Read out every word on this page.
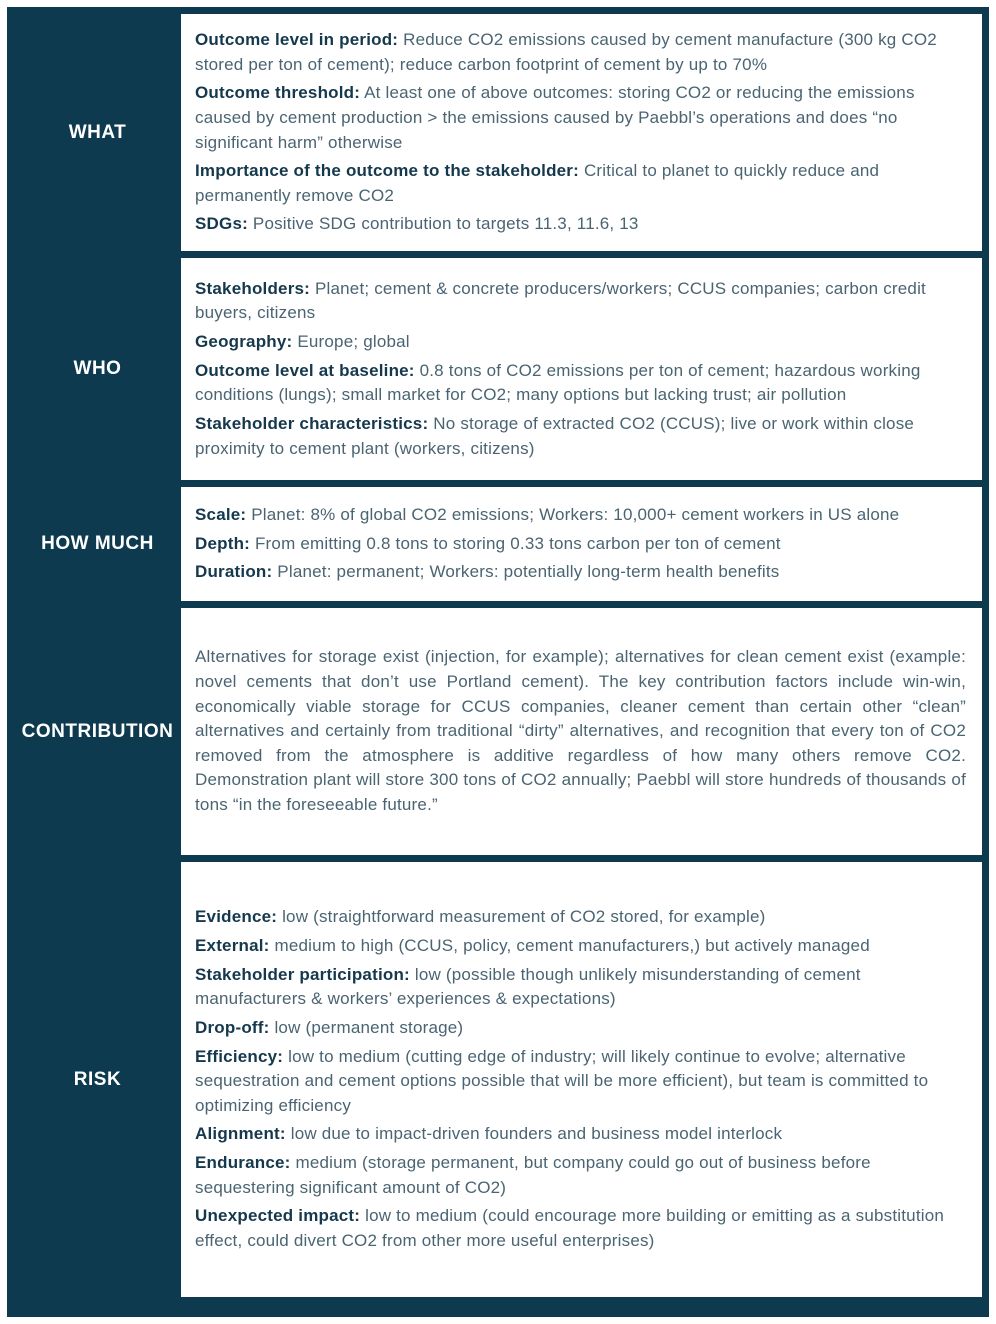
WHAT

Outcome level in period: Reduce CO2 emissions caused by cement manufacture (300 kg CO2 stored per ton of cement); reduce carbon footprint of cement by up to 70%

Outcome threshold: At least one of above outcomes: storing CO2 or reducing the emissions caused by cement production > the emissions caused by Paebbl’s operations and does “no significant harm” otherwise

Importance of the outcome to the stakeholder: Critical to planet to quickly reduce and permanently remove CO2

SDGs: Positive SDG contribution to targets 11.3, 11.6, 13

WHO

Stakeholders: Planet; cement & concrete producers/workers; CCUS companies; carbon credit buyers, citizens

Geography: Europe; global

Outcome level at baseline: 0.8 tons of CO2 emissions per ton of cement; hazardous working conditions (lungs); small market for CO2; many options but lacking trust; air pollution

Stakeholder characteristics: No storage of extracted CO2 (CCUS); live or work within close proximity to cement plant (workers, citizens)

HOW MUCH

Scale: Planet: 8% of global CO2 emissions; Workers: 10,000+ cement workers in US alone

Depth: From emitting 0.8 tons to storing 0.33 tons carbon per ton of cement

Duration: Planet: permanent; Workers: potentially long-term health benefits

CONTRIBUTION

Alternatives for storage exist (injection, for example); alternatives for clean cement exist (example: novel cements that don’t use Portland cement). The key contribution factors include win-win, economically viable storage for CCUS companies, cleaner cement than certain other “clean” alternatives and certainly from traditional “dirty” alternatives, and recognition that every ton of CO2 removed from the atmosphere is additive regardless of how many others remove CO2. Demonstration plant will store 300 tons of CO2 annually; Paebbl will store hundreds of thousands of tons “in the foreseeable future.”

RISK

Evidence: low (straightforward measurement of CO2 stored, for example)

External: medium to high (CCUS, policy, cement manufacturers,) but actively managed

Stakeholder participation: low (possible though unlikely misunderstanding of cement manufacturers & workers’ experiences & expectations)

Drop-off: low (permanent storage)

Efficiency: low to medium (cutting edge of industry; will likely continue to evolve; alternative sequestration and cement options possible that will be more efficient), but team is committed to optimizing efficiency

Alignment: low due to impact-driven founders and business model interlock

Endurance: medium (storage permanent, but company could go out of business before sequestering significant amount of CO2)

Unexpected impact: low to medium (could encourage more building or emitting as a substitution effect, could divert CO2 from other more useful enterprises)
